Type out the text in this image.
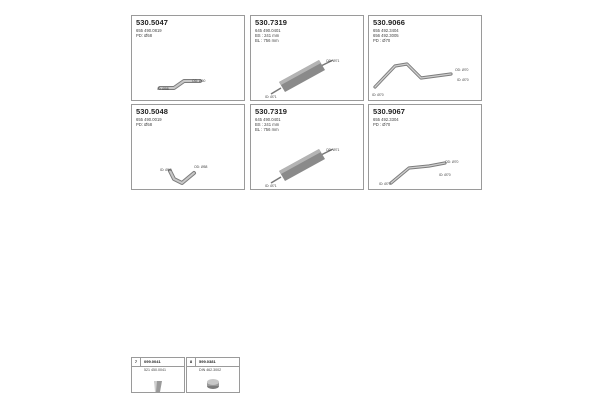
530.5047
655 490.0819
PD: Ø58
ID: Ø58
OD: Ø60
530.7319
645 490.0401
BS : 241 mm
BL : 756 mm
OD: Ø71
ID: Ø71
530.9066
655 492.3404
656 492.3005
PD : Ø70
OD: Ø70
ID: Ø70
ID: Ø70
530.5048
655 490.0019
PD: Ø58
ID: Ø60
OD: Ø58
530.7319
645 490.0401
BS : 241 mm
BL : 756 mm
OD: Ø71
ID: Ø71
530.9067
655 492.3304
PD : Ø70
OD: Ø70
ID: Ø70
ID: Ø70
7	099.0041
521 450.0041
8	599.0381
DIN 462.3002
